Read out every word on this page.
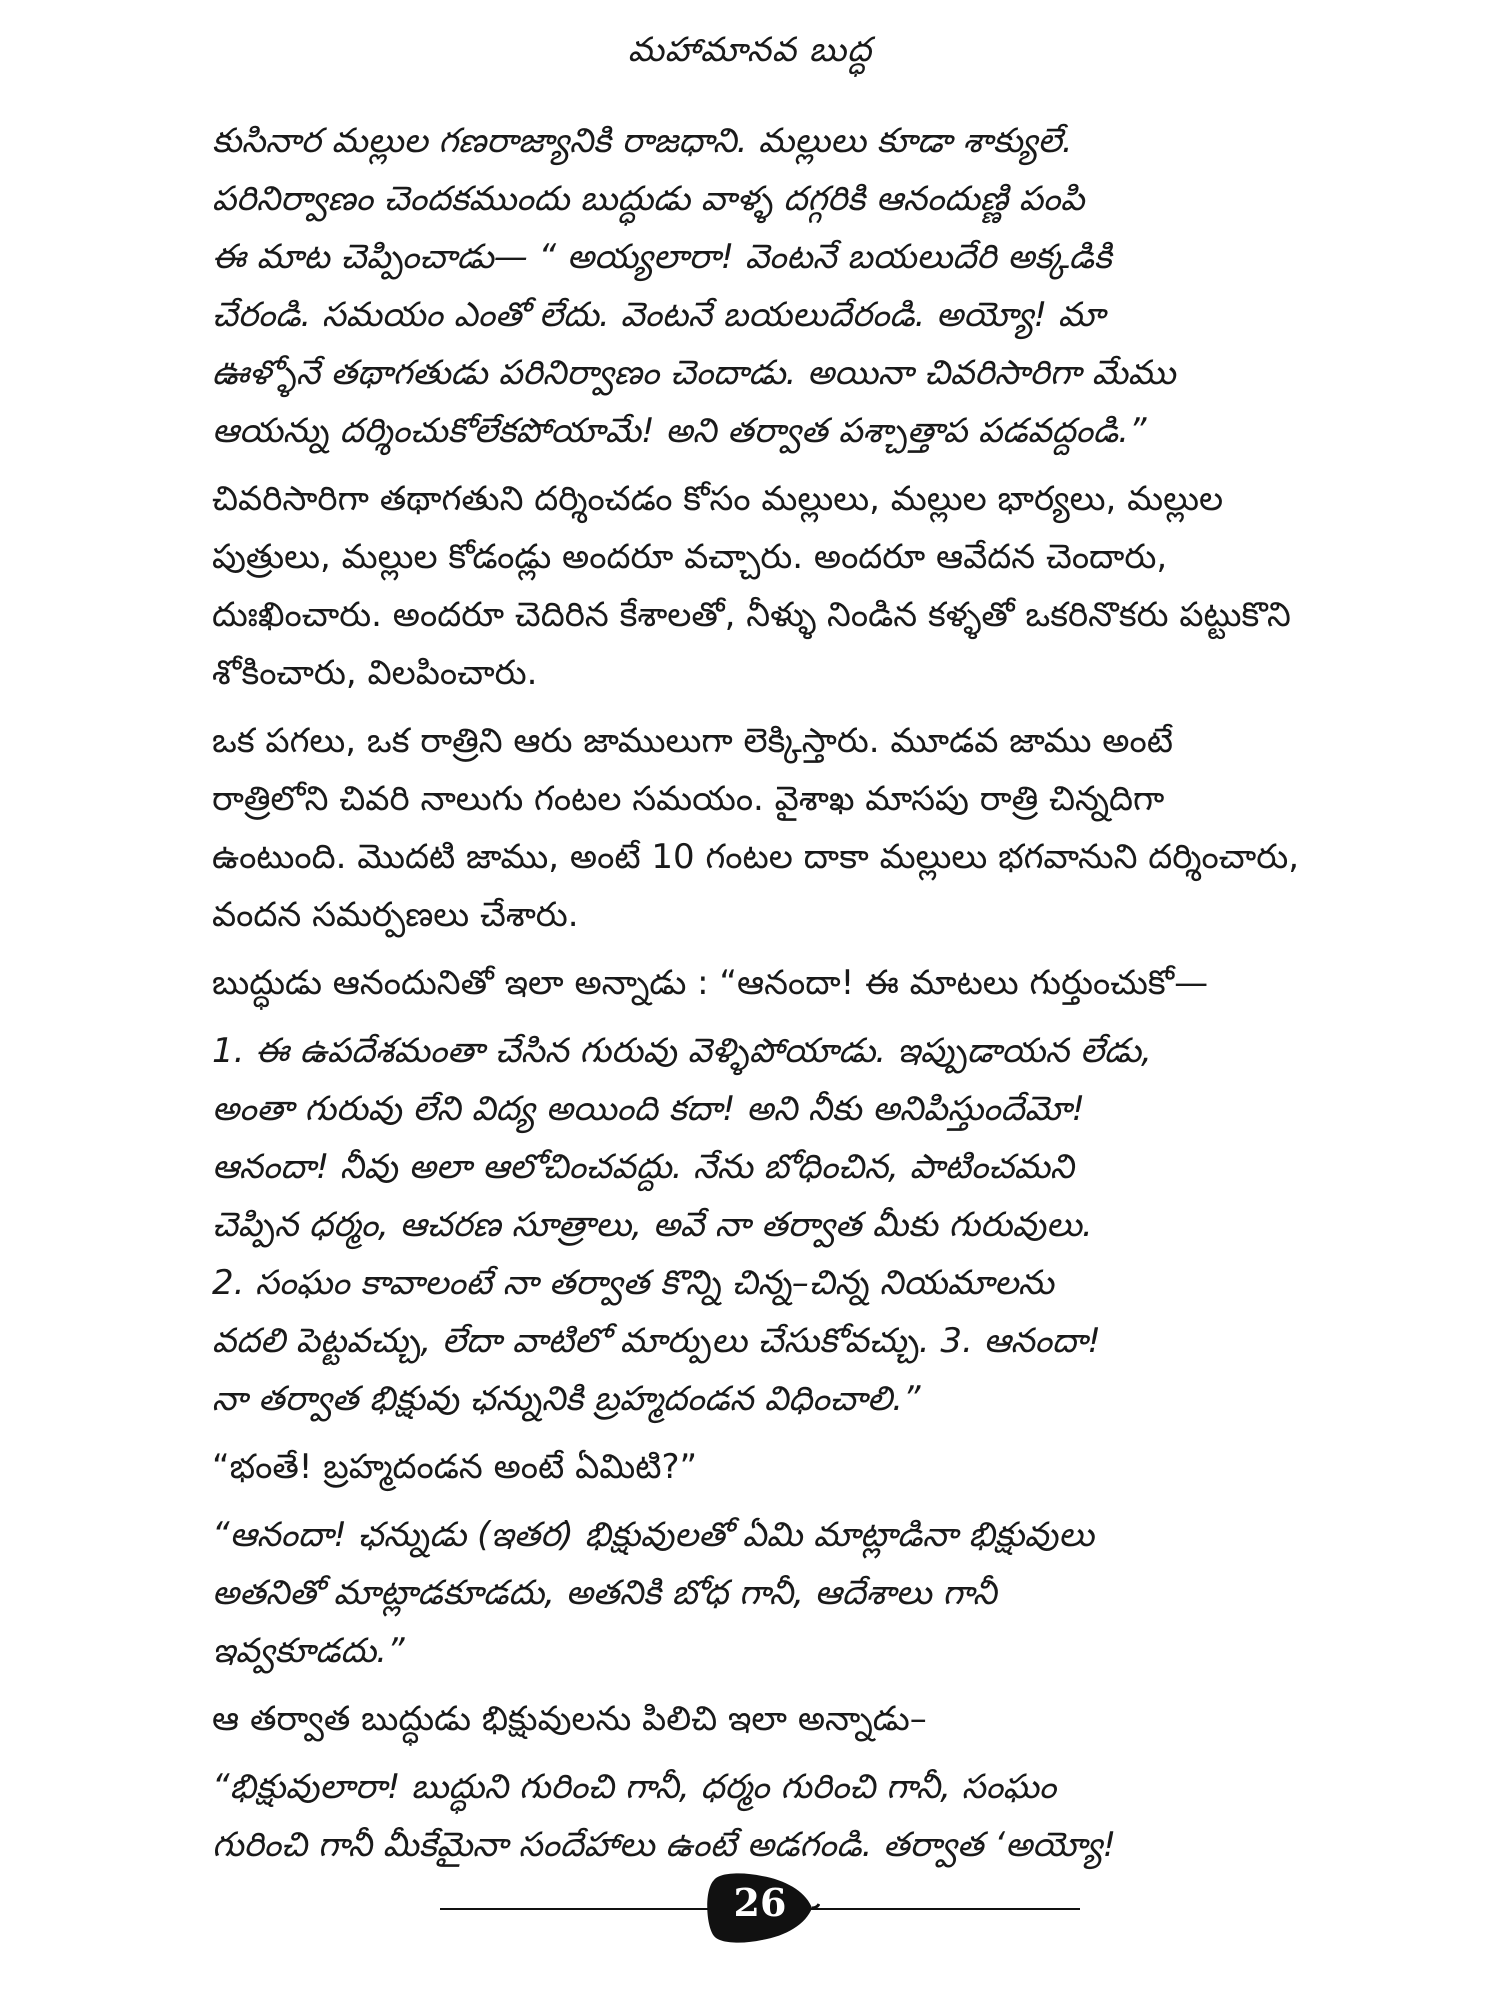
మహామానవ బుద్ధ
కుసినార మల్లుల గణరాజ్యానికి రాజధాని. మల్లులు కూడా శాక్యులే.
పరినిర్వాణం చెందకముందు బుద్ధుడు వాళ్ళ దగ్గరికి ఆనందుణ్ణి పంపి
ఈ మాట చెప్పించాడు— “ అయ్యలారా! వెంటనే బయలుదేరి అక్కడికి
చేరండి. సమయం ఎంతో లేదు. వెంటనే బయలుదేరండి. అయ్యో! మా
ఊళ్ళోనే తథాగతుడు పరినిర్వాణం చెందాడు. అయినా చివరిసారిగా మేము
ఆయన్ను దర్శించుకోలేకపోయామే! అని తర్వాత పశ్చాత్తాప పడవద్దండి.”
చివరిసారిగా తథాగతుని దర్శించడం కోసం మల్లులు, మల్లుల భార్యలు, మల్లుల
పుత్రులు, మల్లుల కోడండ్లు అందరూ వచ్చారు. అందరూ ఆవేదన చెందారు,
దుఃఖించారు. అందరూ చెదిరిన కేశాలతో, నీళ్ళు నిండిన కళ్ళతో ఒకరినొకరు పట్టుకొని
శోకించారు, విలపించారు.
ఒక పగలు, ఒక రాత్రిని ఆరు జాములుగా లెక్కిస్తారు. మూడవ జాము అంటే
రాత్రిలోని చివరి నాలుగు గంటల సమయం. వైశాఖ మాసపు రాత్రి చిన్నదిగా
ఉంటుంది. మొదటి జాము, అంటే 10 గంటల దాకా మల్లులు భగవానుని దర్శించారు,
వందన సమర్పణలు చేశారు.
బుద్ధుడు ఆనందునితో ఇలా అన్నాడు : “ఆనందా! ఈ మాటలు గుర్తుంచుకో—
1. ఈ ఉపదేశమంతా చేసిన గురువు వెళ్ళిపోయాడు. ఇప్పుడాయన లేడు,
అంతా గురువు లేని విద్య అయింది కదా! అని నీకు అనిపిస్తుందేమో!
ఆనందా! నీవు అలా ఆలోచించవద్దు. నేను బోధించిన, పాటించమని
చెప్పిన ధర్మం, ఆచరణ సూత్రాలు, అవే నా తర్వాత మీకు గురువులు.
2. సంఘం కావాలంటే నా తర్వాత కొన్ని చిన్న–చిన్న నియమాలను
వదలి పెట్టవచ్చు, లేదా వాటిలో మార్పులు చేసుకోవచ్చు. 3. ఆనందా!
నా తర్వాత భిక్షువు ఛన్నునికి బ్రహ్మదండన విధించాలి.”
“భంతే! బ్రహ్మదండన అంటే ఏమిటి?”
“ఆనందా! ఛన్నుడు (ఇతర) భిక్షువులతో ఏమి మాట్లాడినా భిక్షువులు
అతనితో మాట్లాడకూడదు, అతనికి బోధ గానీ, ఆదేశాలు గానీ
ఇవ్వకూడదు.”
ఆ తర్వాత బుద్ధుడు భిక్షువులను పిలిచి ఇలా అన్నాడు–
“భిక్షువులారా! బుద్ధుని గురించి గానీ, ధర్మం గురించి గానీ, సంఘం
గురించి గానీ మీకేమైనా సందేహాలు ఉంటే అడగండి. తర్వాత ‘అయ్యో!
26
